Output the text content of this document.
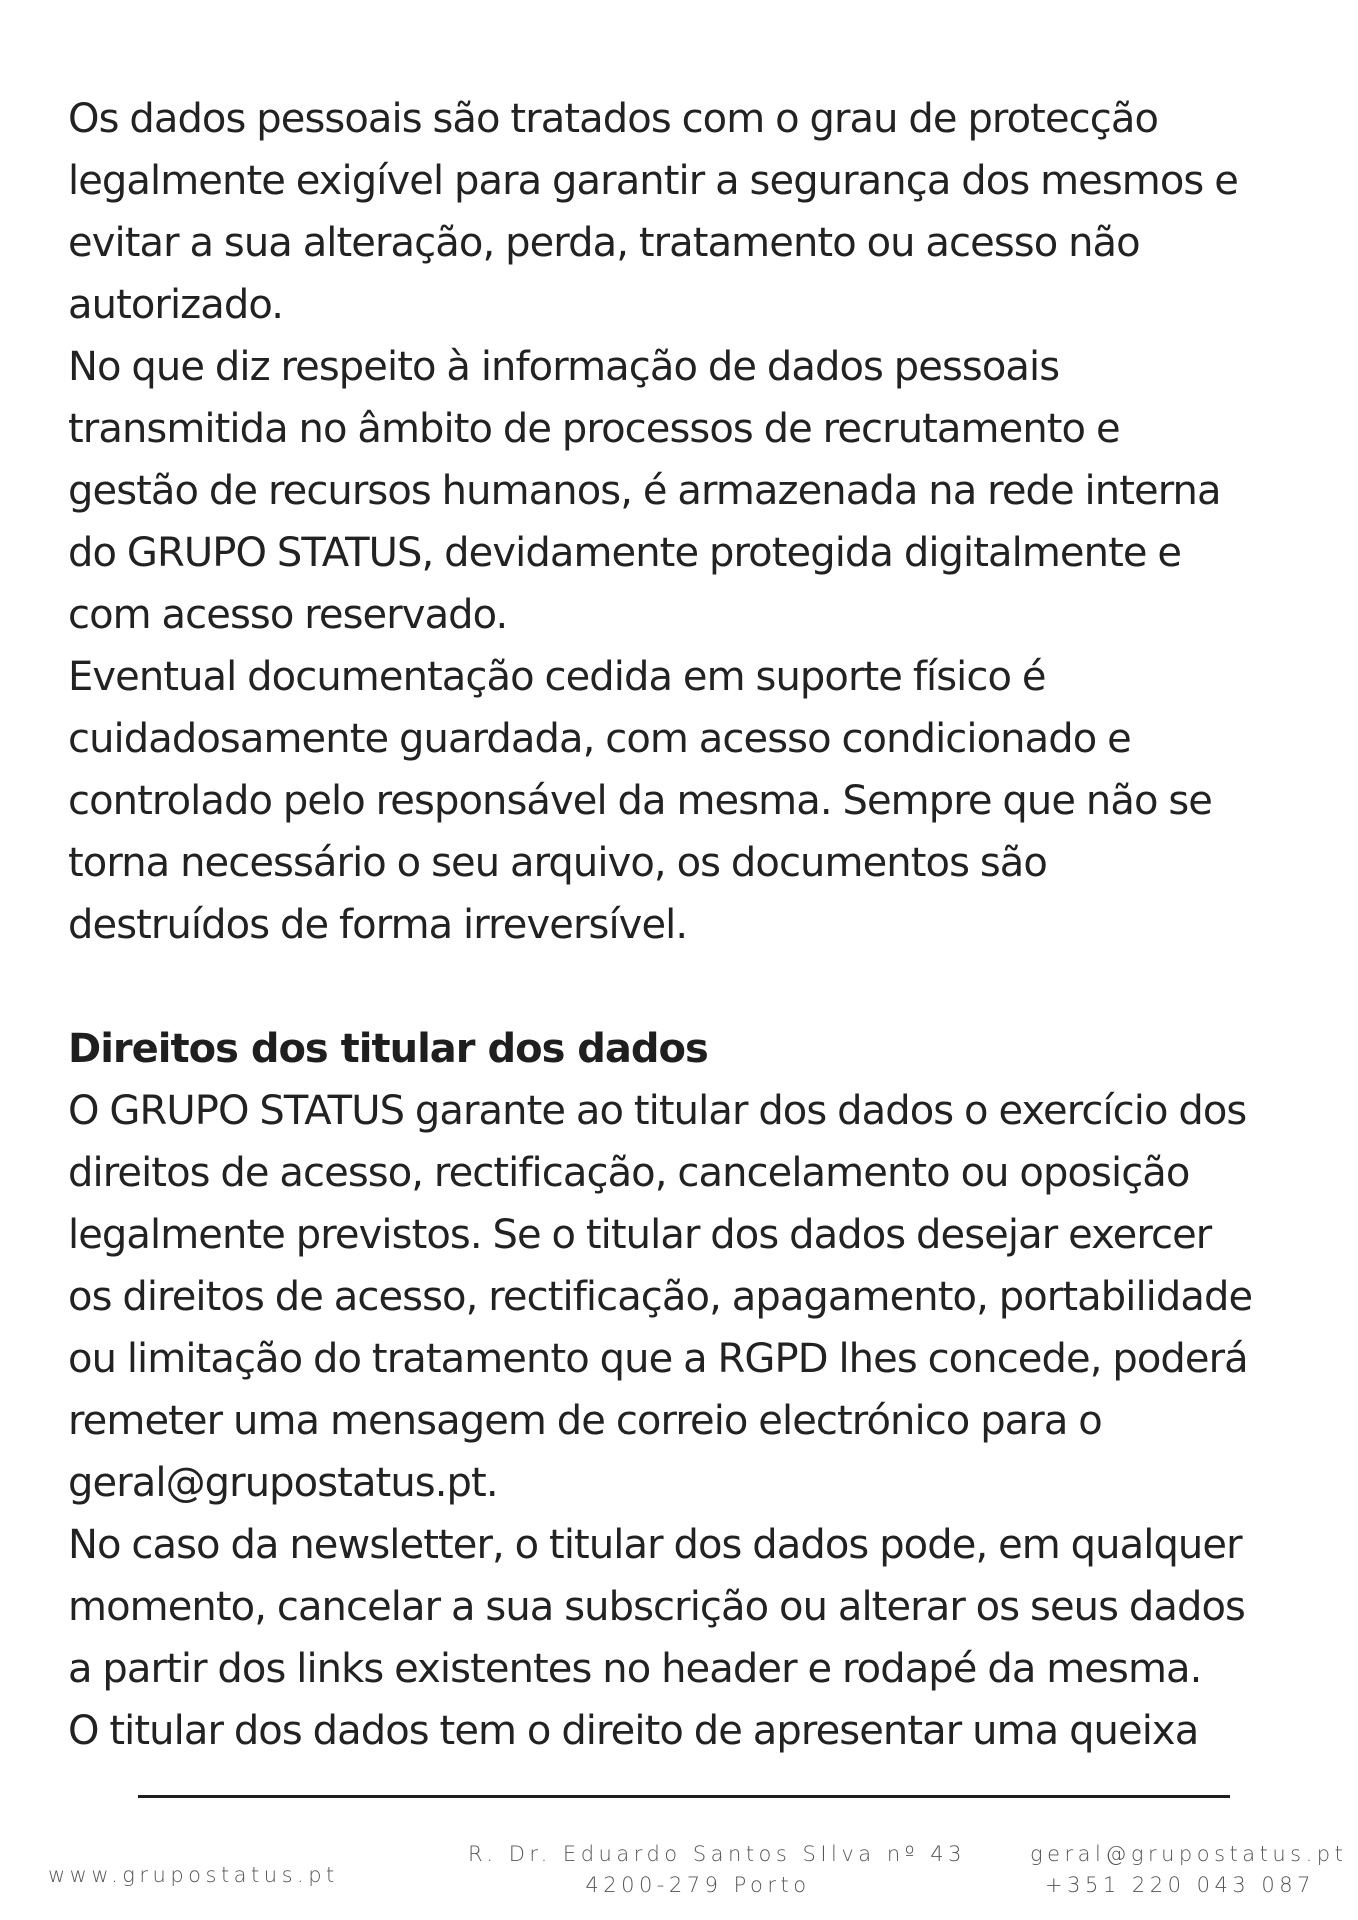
Os dados pessoais são tratados com o grau de protecção
legalmente exigível para garantir a segurança dos mesmos e
evitar a sua alteração, perda, tratamento ou acesso não
autorizado.
No que diz respeito à informação de dados pessoais
transmitida no âmbito de processos de recrutamento e
gestão de recursos humanos, é armazenada na rede interna
do GRUPO STATUS, devidamente protegida digitalmente e
com acesso reservado.
Eventual documentação cedida em suporte físico é
cuidadosamente guardada, com acesso condicionado e
controlado pelo responsável da mesma. Sempre que não se
torna necessário o seu arquivo, os documentos são
destruídos de forma irreversível.
Direitos dos titular dos dados
O GRUPO STATUS garante ao titular dos dados o exercício dos
direitos de acesso, rectificação, cancelamento ou oposição
legalmente previstos. Se o titular dos dados desejar exercer
os direitos de acesso, rectificação, apagamento, portabilidade
ou limitação do tratamento que a RGPD lhes concede, poderá
remeter uma mensagem de correio electrónico para o
geral@grupostatus.pt.
No caso da newsletter, o titular dos dados pode, em qualquer
momento, cancelar a sua subscrição ou alterar os seus dados
a partir dos links existentes no header e rodapé da mesma.
O titular dos dados tem o direito de apresentar uma queixa
www.grupostatus.pt
R. Dr. Eduardo Santos SIlva nº 43
4200-279 Porto
geral@grupostatus.pt
+351 220 043 087
